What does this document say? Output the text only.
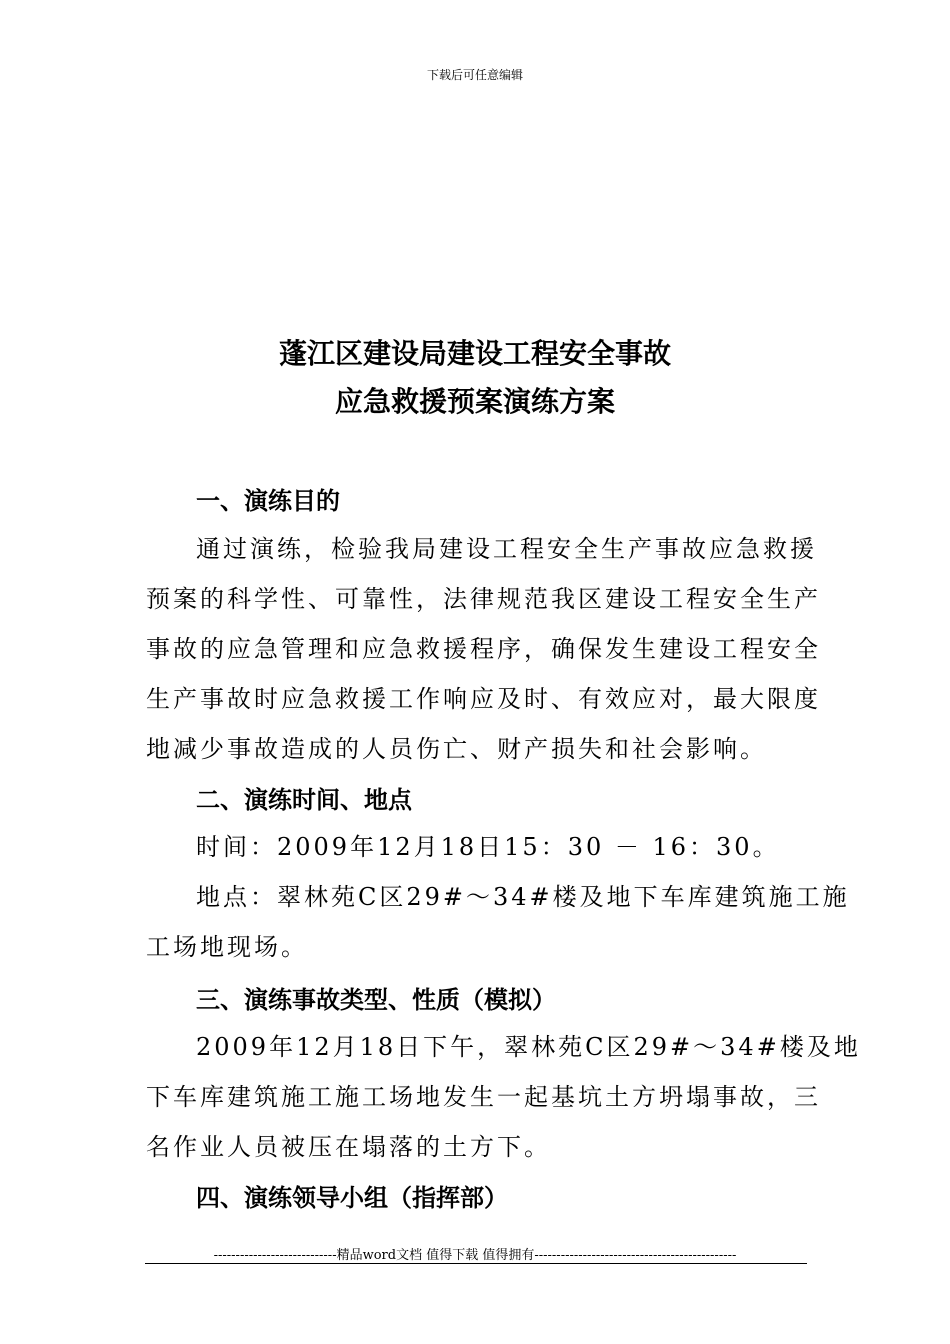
下载后可任意编辑
蓬江区建设局建设工程安全事故
应急救援预案演练方案
一、演练目的
通过演练，检验我局建设工程安全生产事故应急救援
预案的科学性、可靠性，法律规范我区建设工程安全生产
事故的应急管理和应急救援程序，确保发生建设工程安全
生产事故时应急救援工作响应及时、有效应对，最大限度
地减少事故造成的人员伤亡、财产损失和社会影响。
二、演练时间、地点
时间：2009年12月18日15：30 － 16：30。
地点：翠林苑C区29#～34#楼及地下车库建筑施工施
工场地现场。
三、演练事故类型、性质（模拟）
2009年12月18日下午，翠林苑C区29#～34#楼及地
下车库建筑施工施工场地发生一起基坑土方坍塌事故，三
名作业人员被压在塌落的土方下。
四、演练领导小组（指挥部）
----------------------------精品word文档 值得下载 值得拥有----------------------------------------------
